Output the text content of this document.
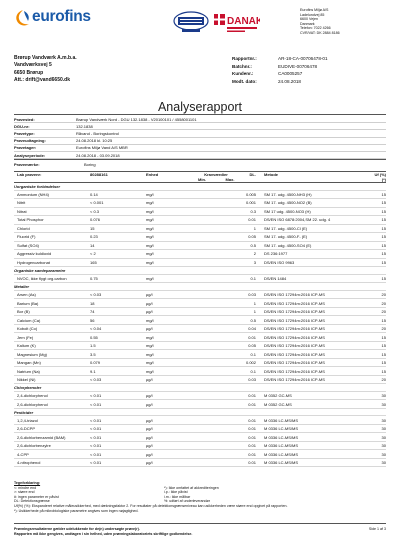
eurofins	DANAK
Eurofins Miljø A/S
Ladelundvej 85
6600 Vejen
Danmark
Telefon: 7022 4266
CVR/VAT: DK 2884 8186
Brørup Vandværk A.m.b.a.
Vandværksvej 5
6650 Brørup
Att.: drift@vand6650.dk
Rapportnr.:	AR-18-CA-00706478-01
Batchnr.:	EUDIVE-00706478
Kundenr.:	CA0005257
Modt. dato:	24.08.2018
Analyserapport
Prøvested:	Brørup Vandværk Nord - DGU 132.1838 - V20100101 / 4558001101
DGU-nr:	132.1838
Prøvetype:	Råvand - Boringskontrol
Prøveudtagning:	24.08.2018 kl. 10:25
Prøvetager:	Eurofins Miljø Vand A/S MBR
Analyseperiode:	24.08.2018 - 03.09.2018
Prøvemærke:	Boring
Lab prøvenr:	80288161	Enhed	Kravværdier	DL.	Metode	Uf (%)
Min.	Max.	(*)
Uorganiske forbindelser
Ammonium (NH4)	0.14	mg/l	0.005	SM 17. udg. 4500-NH3 (H)	15
Nitrit	< 0.001	mg/l	0.001	SM 17. udg. 4500-NO2 (B)	15
Nitrat	< 0.3	mg/l	0.3	SM 17 udg. 4500-NO3 (H)	15
Total Phosphor	0.076	mg/l	0.01	DS/EN ISO 6878:2004,SM 22. udg. 4	15
Chlorid	15	mg/l	1	SM 17. udg. 4500-Cl (E)	15
Fluorid (F)	0.23	mg/l	0.05	SM 17. udg. 4500-F- (E)	15
Sulfat (SO4)	14	mg/l	0.5	SM 17. udg. 4500-SO4 (E)	15
Aggressiv kuldioxid	< 2	mg/l	2	DS 236:1977	15
Hydrogencarbonat	165	mg/l	3	DS/EN ISO 9963	15
Organiske samleparametre
NVOC, ikke flygt org.carbon	0.75	mg/l	0.1	DS/EN 1484	15
Metaller
Arsen (As)	< 0.03	µg/l	0.03	DS/EN ISO 17294m:2016 ICP-MS	20
Barium (Ba)	18	µg/l	1	DS/EN ISO 17294m:2016 ICP-MS	20
Bor (B)	74	µg/l	1	DS/EN ISO 17294m:2016 ICP-MS	20
Calcium (Ca)	56	mg/l	0.5	DS/EN ISO 17294m:2016 ICP-MS	15
Kobolt (Co)	< 0.04	µg/l	0.04	DS/EN ISO 17294m:2016 ICP-MS	20
Jern (Fe)	0.55	mg/l	0.01	DS/EN ISO 17294m:2016 ICP-MS	15
Kalium (K)	1.5	mg/l	0.05	DS/EN ISO 17294m:2016 ICP-MS	15
Magnesium (Mg)	3.5	mg/l	0.1	DS/EN ISO 17294m:2016 ICP-MS	15
Mangan (Mn)	0.079	mg/l	0.002	DS/EN ISO 17294m:2016 ICP-MS	15
Natrium (Na)	9.1	mg/l	0.1	DS/EN ISO 17294m:2016 ICP-MS	15
Nikkel (Ni)	< 0.03	µg/l	0.03	DS/EN ISO 17294m:2016 ICP-MS	20
Chlorphenoler
2,4-dichlorphenol	< 0.01	µg/l	0.01	M 0352 GC-MS	30
2,6-dichlorphenol	< 0.01	µg/l	0.01	M 0352 GC-MS	30
Pesticider
1,2,4-triazol	< 0.01	µg/l	0.01	M 0336 LC-MS/MS	30
2,6-DCPP	< 0.01	µg/l	0.01	M 0336 LC-MS/MS	30
2,6-dichlorbenzamid (BAM)	< 0.01	µg/l	0.01	M 0336 LC-MS/MS	30
2,6-dichlorbenzylre	< 0.01	µg/l	0.01	M 0336 LC-MS/MS	30
4-CPP	< 0.01	µg/l	0.01	M 0336 LC-MS/MS	30
4-nitrophenol	< 0.01	µg/l	0.01	M 0336 LC-MS/MS	30
Tegnforklaring:
<: mindre end	*): Ikke omfattet af akkrediteringen
>: større end	i.p.: ikke påvist
#: ingen parameter er påvist	i.m.: ikke målbar
DL: Detektionsgrænse	%: udført af underleverandør
Uf(%) (%): Ekspanderet relative måleusikkerhed, med dækningsfaktor 2. For resultater på detektionsgrænseniveau kan usikkerheden være større end opgivet på rapporten.
*): Usikkerhede på mikrobiologiske parametre angives som ingen nøjagtighed.
Prøvningsresultaterne gælder udelukkende for de(n) undersøgte prøve(r).
Rapporten må ikke gengives, undtagen i sin helhed, uden prøvningslaboratoriets skriftlige godkendelse.
Side 1 af 3
